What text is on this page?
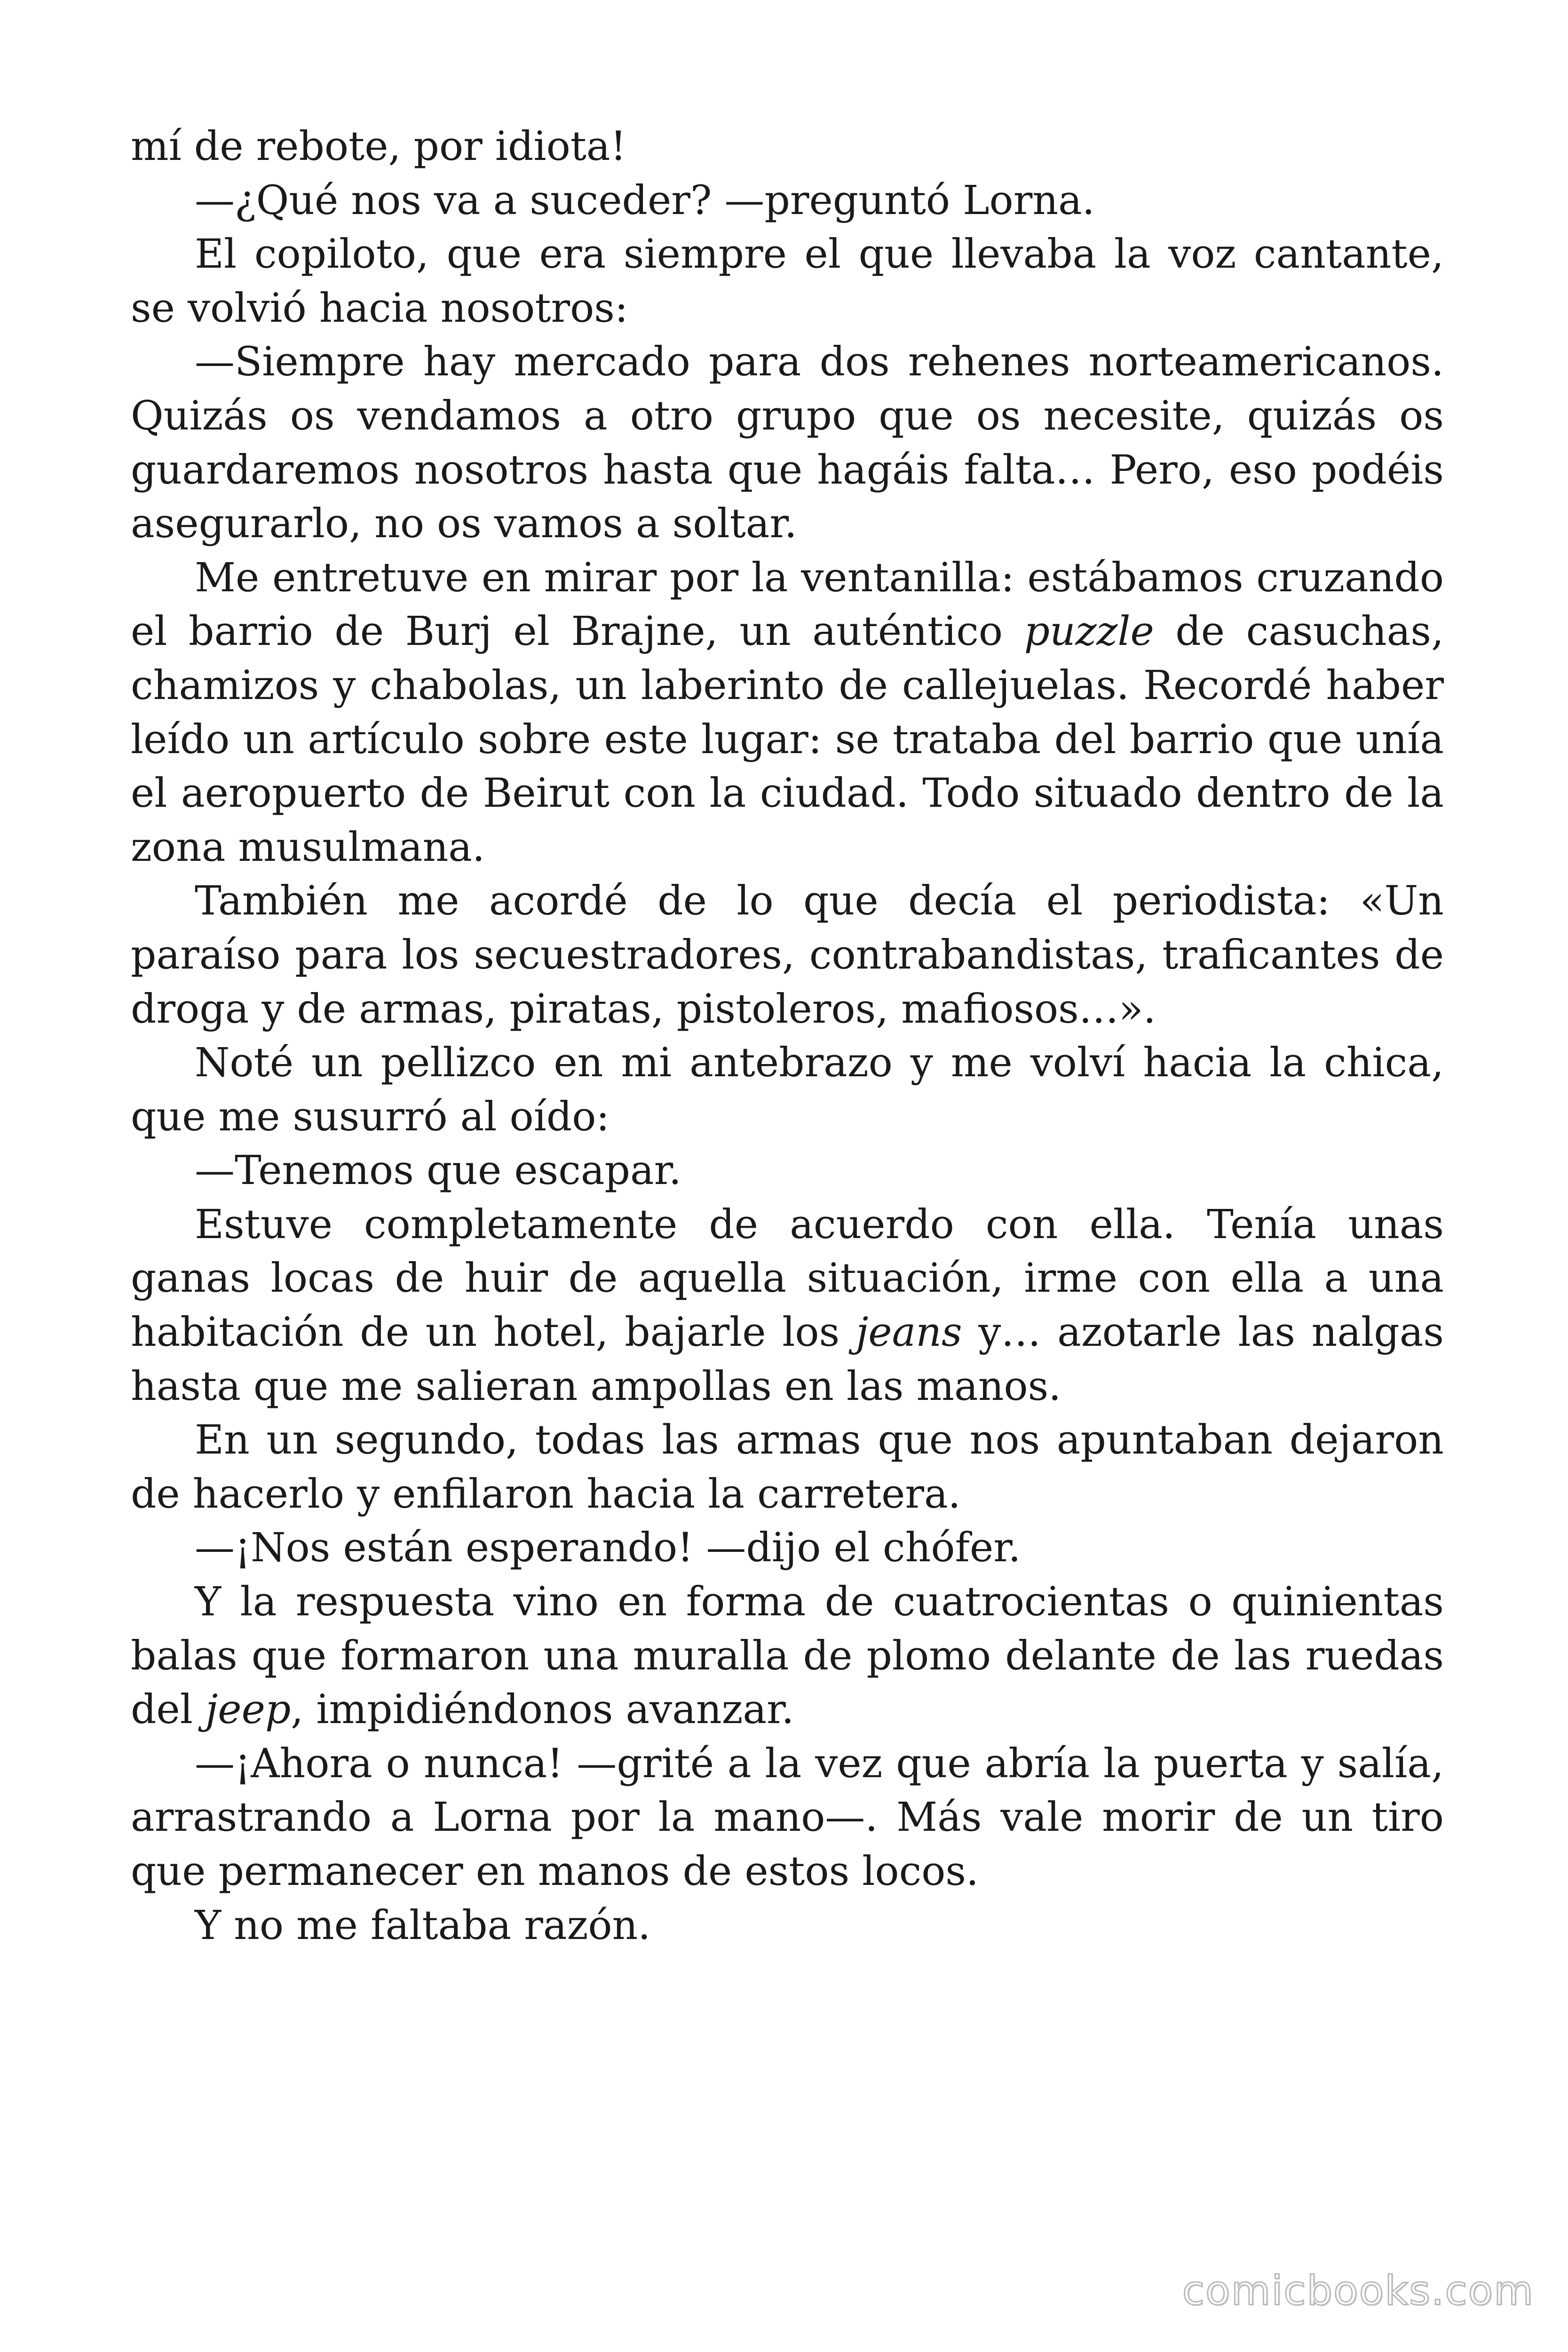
mí de rebote, por idiota!

—¿Qué nos va a suceder? —preguntó Lorna.

El copiloto, que era siempre el que llevaba la voz cantante, se volvió hacia nosotros:

—Siempre hay mercado para dos rehenes norteamericanos. Quizás os vendamos a otro grupo que os necesite, quizás os guardaremos nosotros hasta que hagáis falta… Pero, eso podéis asegurarlo, no os vamos a soltar.

Me entretuve en mirar por la ventanilla: estábamos cruzando el barrio de Burj el Brajne, un auténtico puzzle de casuchas, chamizos y chabolas, un laberinto de callejuelas. Recordé haber leído un artículo sobre este lugar: se trataba del barrio que unía el aeropuerto de Beirut con la ciudad. Todo situado dentro de la zona musulmana.

También me acordé de lo que decía el periodista: «Un paraíso para los secuestradores, contrabandistas, traficantes de droga y de armas, piratas, pistoleros, mafiosos…».

Noté un pellizco en mi antebrazo y me volví hacia la chica, que me susurró al oído:

—Tenemos que escapar.

Estuve completamente de acuerdo con ella. Tenía unas ganas locas de huir de aquella situación, irme con ella a una habitación de un hotel, bajarle los jeans y… azotarle las nalgas hasta que me salieran ampollas en las manos.

En un segundo, todas las armas que nos apuntaban dejaron de hacerlo y enfilaron hacia la carretera.

—¡Nos están esperando! —dijo el chófer.

Y la respuesta vino en forma de cuatrocientas o quinientas balas que formaron una muralla de plomo delante de las ruedas del jeep, impidiéndonos avanzar.

—¡Ahora o nunca! —grité a la vez que abría la puerta y salía, arrastrando a Lorna por la mano—. Más vale morir de un tiro que permanecer en manos de estos locos.

Y no me faltaba razón.

comicbooks.com
